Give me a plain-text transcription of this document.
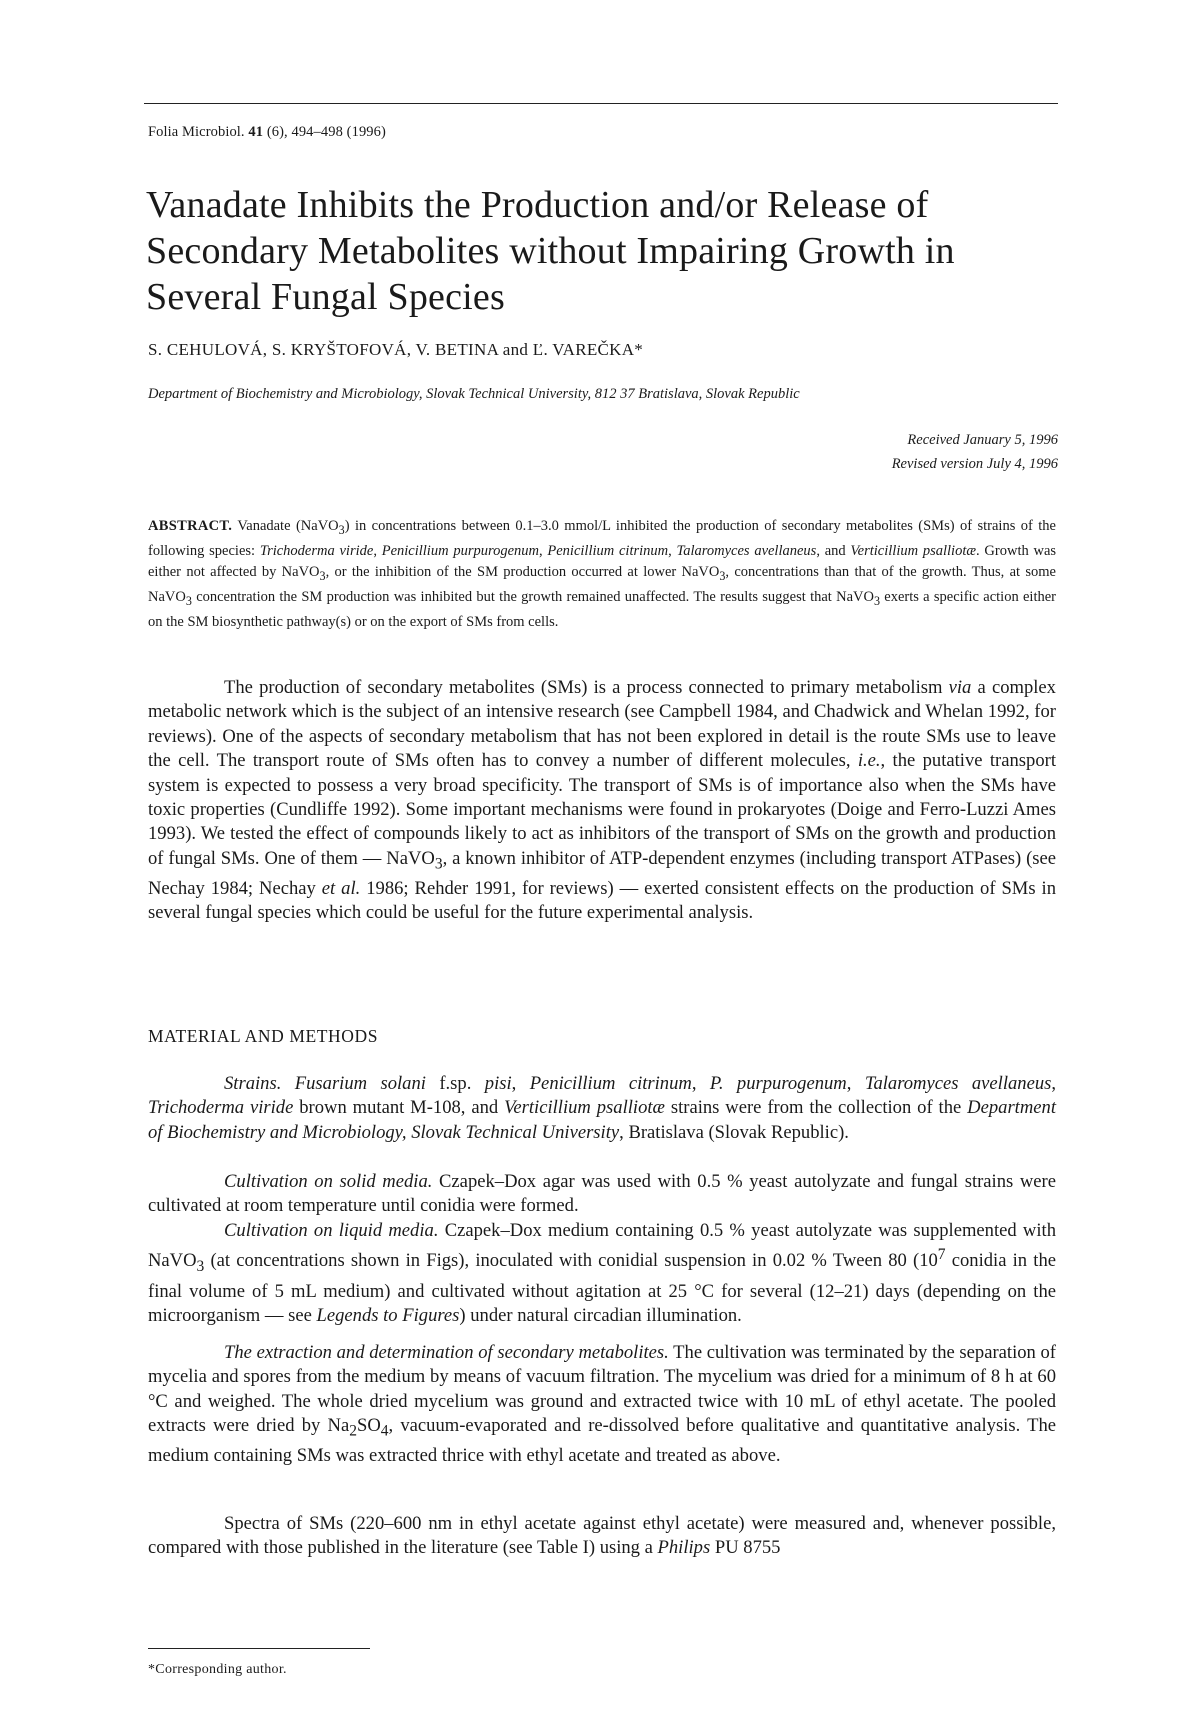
Folia Microbiol. 41 (6), 494–498 (1996)
Vanadate Inhibits the Production and/or Release of Secondary Metabolites without Impairing Growth in Several Fungal Species
S. CEHULOVÁ, S. KRYŠTOFOVÁ, V. BETINA and Ľ. VAREČKA*
Department of Biochemistry and Microbiology, Slovak Technical University, 812 37 Bratislava, Slovak Republic
Received January 5, 1996
Revised version July 4, 1996

ABSTRACT. Vanadate (NaVO$_3$) in concentrations between 0.1–3.0 mmol/L inhibited the production of secondary metabolites (SMs) of strains of the following species: Trichoderma viride, Penicillium purpurogenum, Penicillium citrinum, Talaromyces avellaneus, and Verticillium psalliotæ. Growth was either not affected by NaVO$_3$, or the inhibition of the SM production occurred at lower NaVO$_3$, concentrations than that of the growth. Thus, at some NaVO$_3$ concentration the SM production was inhibited but the growth remained unaffected. The results suggest that NaVO$_3$ exerts a specific action either on the SM biosynthetic pathway(s) or on the export of SMs from cells.

The production of secondary metabolites (SMs) is a process connected to primary metabolism via a complex metabolic network which is the subject of an intensive research (see Campbell 1984, and Chadwick and Whelan 1992, for reviews). One of the aspects of secondary metabolism that has not been explored in detail is the route SMs use to leave the cell. The transport route of SMs often has to convey a number of different molecules, i.e., the putative transport system is expected to possess a very broad specificity. The transport of SMs is of importance also when the SMs have toxic properties (Cundliffe 1992). Some important mechanisms were found in prokaryotes (Doige and Ferro-Luzzi Ames 1993). We tested the effect of compounds likely to act as inhibitors of the transport of SMs on the growth and production of fungal SMs. One of them — NaVO$_3$, a known inhibitor of ATP-dependent enzymes (including transport ATPases) (see Nechay 1984; Nechay et al. 1986; Rehder 1991, for reviews) — exerted consistent effects on the production of SMs in several fungal species which could be useful for the future experimental analysis.

MATERIAL AND METHODS

Strains. Fusarium solani f.sp. pisi, Penicillium citrinum, P. purpurogenum, Talaromyces avellaneus, Trichoderma viride brown mutant M-108, and Verticillium psalliotæ strains were from the collection of the Department of Biochemistry and Microbiology, Slovak Technical University, Bratislava (Slovak Republic).

Cultivation on solid media. Czapek–Dox agar was used with 0.5 % yeast autolyzate and fungal strains were cultivated at room temperature until conidia were formed.

Cultivation on liquid media. Czapek–Dox medium containing 0.5 % yeast autolyzate was supplemented with NaVO$_3$ (at concentrations shown in Figs), inoculated with conidial suspension in 0.02 % Tween 80 ($10^7$ conidia in the final volume of 5 mL medium) and cultivated without agitation at 25 °C for several (12–21) days (depending on the microorganism — see Legends to Figures) under natural circadian illumination.

The extraction and determination of secondary metabolites. The cultivation was terminated by the separation of mycelia and spores from the medium by means of vacuum filtration. The mycelium was dried for a minimum of 8 h at 60 °C and weighed. The whole dried mycelium was ground and extracted twice with 10 mL of ethyl acetate. The pooled extracts were dried by $Na_2SO_4$, vacuum-evaporated and re-dissolved before qualitative and quantitative analysis. The medium containing SMs was extracted thrice with ethyl acetate and treated as above.

Spectra of SMs (220–600 nm in ethyl acetate against ethyl acetate) were measured and, whenever possible, compared with those published in the literature (see Table I) using a Philips PU 8755

*Corresponding author.
